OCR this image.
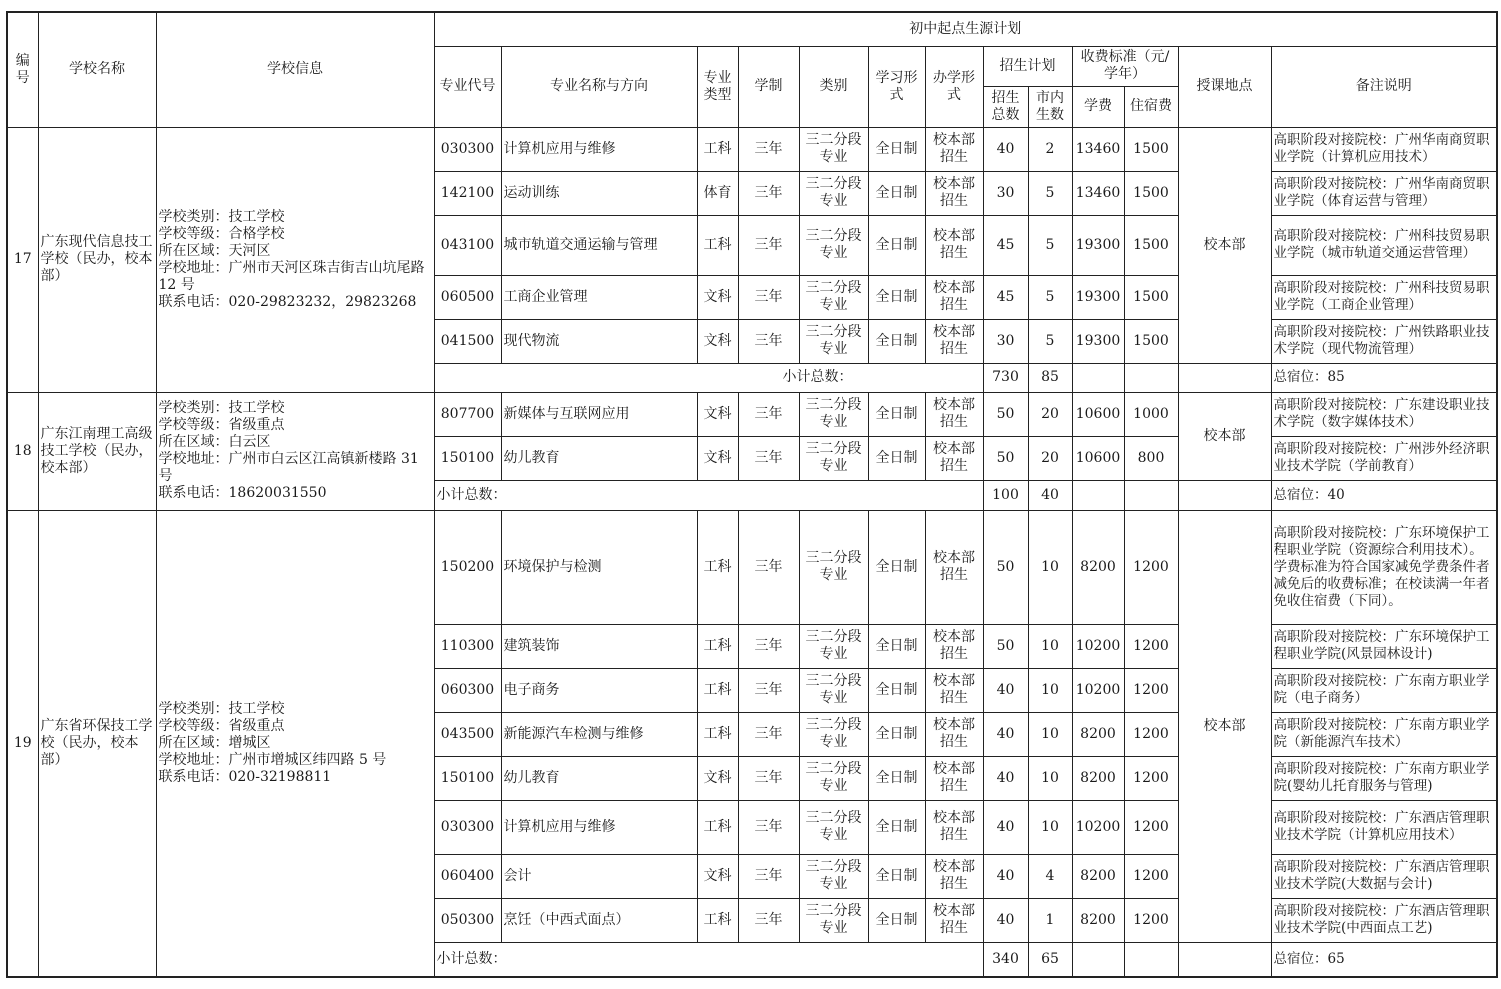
编号	学校名称	学校信息	初中起点生源计划												
			专业代号	专业名称与方向	专业类型	学制	类别	学习形式	办学形式	招生计划		收费标准（元/学年）		授课地点	备注说明
										招生总数	市内生数	学费	住宿费		
17	广东现代信息技工学校（民办，校本部）	学校类别：技工学校
学校等级：合格学校
所在区域：天河区
学校地址：广州市天河区珠吉街吉山坑尾路 12 号
联系电话：020-29823232，29823268	030300	计算机应用与维修	工科	三年	三二分段专业	全日制	校本部招生	40	2	13460	1500	校本部	高职阶段对接院校：广州华南商贸职业学院（计算机应用技术）
			142100	运动训练	体育	三年	三二分段专业	全日制	校本部招生	30	5	13460	1500		高职阶段对接院校：广州华南商贸职业学院（体育运营与管理）
			043100	城市轨道交通运输与管理	工科	三年	三二分段专业	全日制	校本部招生	45	5	19300	1500		高职阶段对接院校：广州科技贸易职业学院（城市轨道交通运营管理）
			060500	工商企业管理	文科	三年	三二分段专业	全日制	校本部招生	45	5	19300	1500		高职阶段对接院校：广州科技贸易职业学院（工商企业管理）
			041500	现代物流	文科	三年	三二分段专业	全日制	校本部招生	30	5	19300	1500		高职阶段对接院校：广州铁路职业技术学院（现代物流管理）
			小计总数：							730	85				总宿位：85
18	广东江南理工高级技工学校（民办，校本部）	学校类别：技工学校
学校等级：省级重点
所在区域：白云区
学校地址：广州市白云区江高镇新楼路 31 号
联系电话：18620031550	807700	新媒体与互联网应用	文科	三年	三二分段专业	全日制	校本部招生	50	20	10600	1000	校本部	高职阶段对接院校：广东建设职业技术学院（数字媒体技术）
			150100	幼儿教育	文科	三年	三二分段专业	全日制	校本部招生	50	20	10600	800		高职阶段对接院校：广州涉外经济职业技术学院（学前教育）
			小计总数：							100	40				总宿位：40
19	广东省环保技工学校（民办，校本部）	学校类别：技工学校
学校等级：省级重点
所在区域：增城区
学校地址：广州市增城区纬四路 5 号
联系电话：020-32198811	150200	环境保护与检测	工科	三年	三二分段专业	全日制	校本部招生	50	10	8200	1200	校本部	高职阶段对接院校：广东环境保护工程职业学院（资源综合利用技术）。学费标准为符合国家减免学费条件者减免后的收费标准；在校读满一年者免收住宿费（下同）。
			110300	建筑装饰	工科	三年	三二分段专业	全日制	校本部招生	50	10	10200	1200		高职阶段对接院校：广东环境保护工程职业学院(风景园林设计)
			060300	电子商务	工科	三年	三二分段专业	全日制	校本部招生	40	10	10200	1200		高职阶段对接院校：广东南方职业学院（电子商务）
			043500	新能源汽车检测与维修	工科	三年	三二分段专业	全日制	校本部招生	40	10	8200	1200		高职阶段对接院校：广东南方职业学院（新能源汽车技术）
			150100	幼儿教育	文科	三年	三二分段专业	全日制	校本部招生	40	10	8200	1200		高职阶段对接院校：广东南方职业学院(婴幼儿托育服务与管理)
			030300	计算机应用与维修	工科	三年	三二分段专业	全日制	校本部招生	40	10	10200	1200		高职阶段对接院校：广东酒店管理职业技术学院（计算机应用技术）
			060400	会计	文科	三年	三二分段专业	全日制	校本部招生	40	4	8200	1200		高职阶段对接院校：广东酒店管理职业技术学院(大数据与会计)
			050300	烹饪（中西式面点）	工科	三年	三二分段专业	全日制	校本部招生	40	1	8200	1200		高职阶段对接院校：广东酒店管理职业技术学院(中西面点工艺)
			小计总数：							340	65				总宿位：65
